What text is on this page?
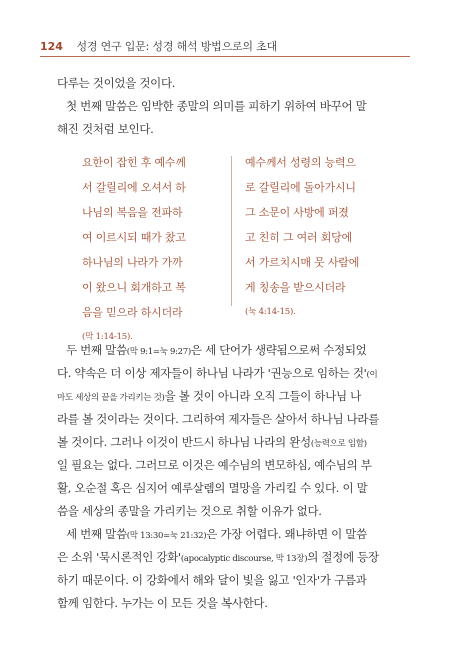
124 성경 연구 입문: 성경 해석 방법으로의 초대
다루는 것이었을 것이다.
첫 번째 말씀은 임박한 종말의 의미를 피하기 위하여 바꾸어 말
해진 것처럼 보인다.
요한이 잡힌 후 예수께
서 갈릴리에 오셔서 하
나님의 복음을 전파하
여 이르시되 때가 찼고
하나님의 나라가 가까
이 왔으니 회개하고 복
음을 믿으라 하시더라
(막 1:14-15).
예수께서 성령의 능력으
로 갈릴리에 돌아가시니
그 소문이 사방에 퍼졌
고 친히 그 여러 회당에
서 가르치시매 뭇 사람에
게 칭송을 받으시더라
(눅 4:14-15).
두 번째 말씀(막 9:1=눅 9:27)은 세 단어가 생략됨으로써 수정되었
다. 약속은 더 이상 제자들이 하나님 나라가 '권능으로 임하는 것'(이
마도 세상의 끝을 가리키는 것)을 볼 것이 아니라 오직 그들이 하나님 나
라를 볼 것이라는 것이다. 그리하여 제자들은 살아서 하나님 나라를
볼 것이다. 그러나 이것이 반드시 하나님 나라의 완성(능력으로 임함)
일 필요는 없다. 그러므로 이것은 예수님의 변모하심, 예수님의 부
활, 오순절 혹은 심지어 예루살렘의 멸망을 가리킬 수 있다. 이 말
씀을 세상의 종말을 가리키는 것으로 취할 이유가 없다.
세 번째 말씀(막 13:30=눅 21:32)은 가장 어렵다. 왜냐하면 이 말씀
은 소위 '묵시론적인 강화'(apocalyptic discourse, 막 13장)의 절정에 등장
하기 때문이다. 이 강화에서 해와 달이 빛을 잃고 '인자'가 구름과
함께 임한다. 누가는 이 모든 것을 복사한다.
